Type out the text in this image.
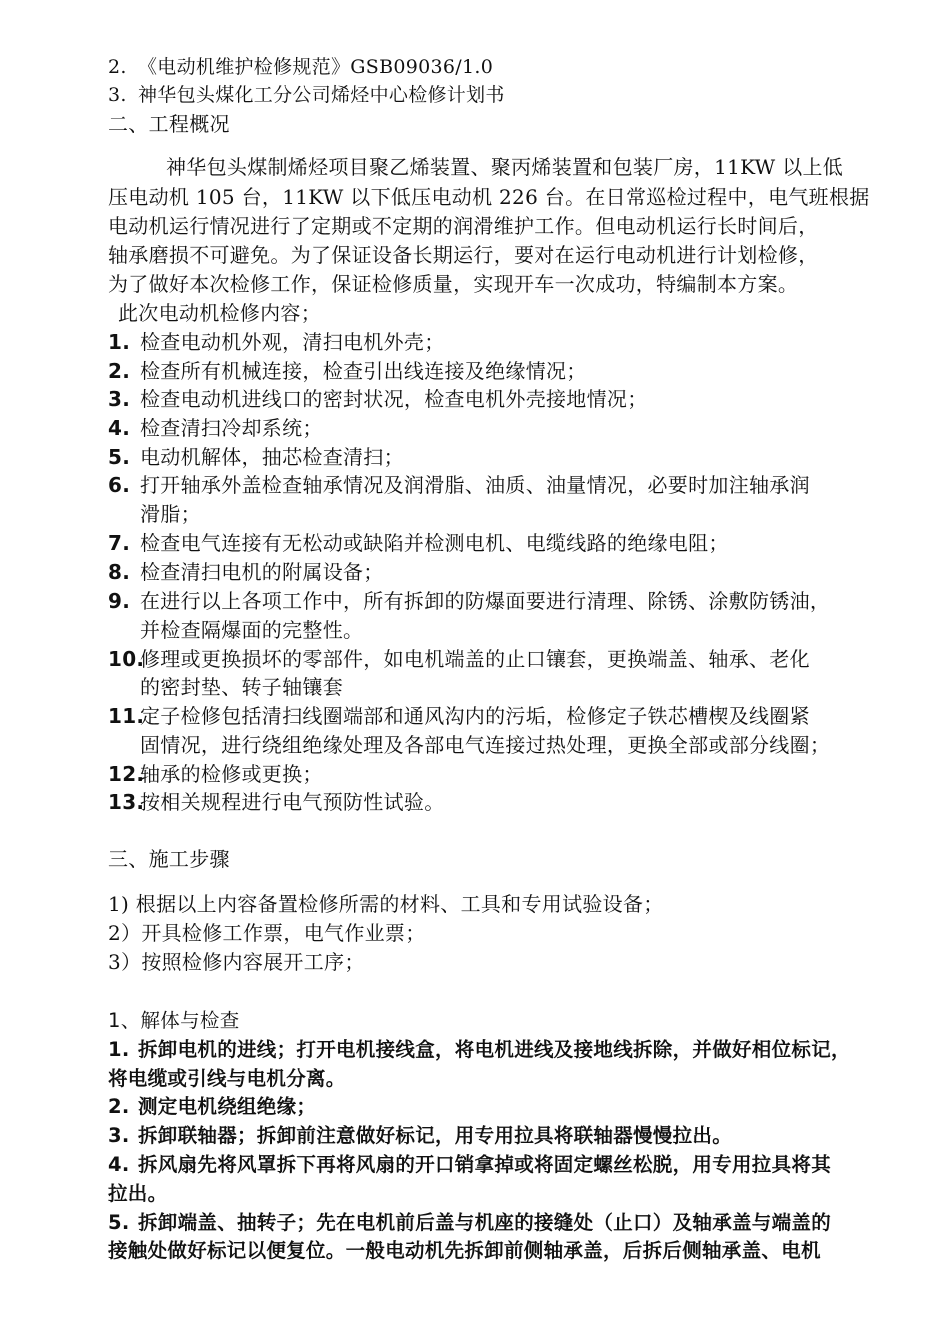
2. 《电动机维护检修规范》GSB09036/1.0
3. 神华包头煤化工分公司烯烃中心检修计划书
二、工程概况
神华包头煤制烯烃项目聚乙烯装置、聚丙烯装置和包装厂房，11KW 以上低
压电动机 105 台，11KW 以下低压电动机 226 台。在日常巡检过程中，电气班根据
电动机运行情况进行了定期或不定期的润滑维护工作。但电动机运行长时间后，
轴承磨损不可避免。为了保证设备长期运行，要对在运行电动机进行计划检修，
为了做好本次检修工作，保证检修质量，实现开车一次成功，特编制本方案。
此次电动机检修内容；
1. 检查电动机外观，清扫电机外壳；
2. 检查所有机械连接，检查引出线连接及绝缘情况；
3. 检查电动机进线口的密封状况，检查电机外壳接地情况；
4. 检查清扫冷却系统；
5. 电动机解体，抽芯检查清扫；
6. 打开轴承外盖检查轴承情况及润滑脂、油质、油量情况，必要时加注轴承润
滑脂；
7. 检查电气连接有无松动或缺陷并检测电机、电缆线路的绝缘电阻；
8. 检查清扫电机的附属设备；
9. 在进行以上各项工作中，所有拆卸的防爆面要进行清理、除锈、涂敷防锈油，
并检查隔爆面的完整性。
10.修理或更换损坏的零部件，如电机端盖的止口镶套，更换端盖、轴承、老化
的密封垫、转子轴镶套
11.定子检修包括清扫线圈端部和通风沟内的污垢，检修定子铁芯槽楔及线圈紧
固情况，进行绕组绝缘处理及各部电气连接过热处理，更换全部或部分线圈；
12.轴承的检修或更换；
13.按相关规程进行电气预防性试验。
三、施工步骤
1) 根据以上内容备置检修所需的材料、工具和专用试验设备；
2）开具检修工作票，电气作业票；
3）按照检修内容展开工序；
1、解体与检查
1. 拆卸电机的进线；打开电机接线盒，将电机进线及接地线拆除，并做好相位标记，
将电缆或引线与电机分离。
2. 测定电机绕组绝缘；
3. 拆卸联轴器；拆卸前注意做好标记，用专用拉具将联轴器慢慢拉出。
4. 拆风扇先将风罩拆下再将风扇的开口销拿掉或将固定螺丝松脱，用专用拉具将其
拉出。
5. 拆卸端盖、抽转子；先在电机前后盖与机座的接缝处（止口）及轴承盖与端盖的
接触处做好标记以便复位。一般电动机先拆卸前侧轴承盖，后拆后侧轴承盖、电机
